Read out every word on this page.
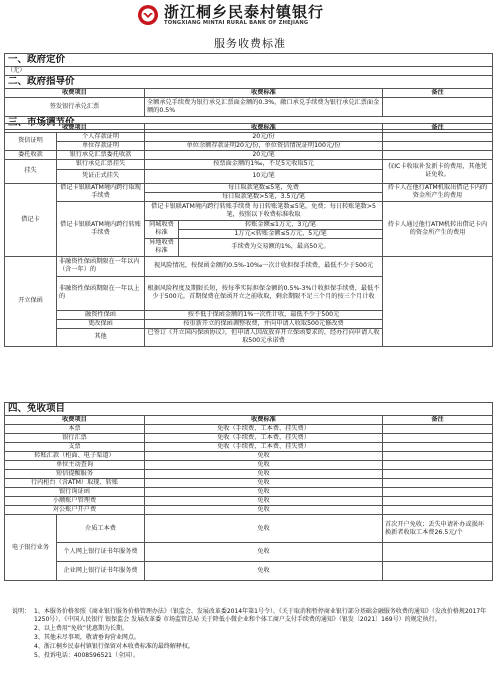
浙江桐乡民泰村镇银行
TONGXIANG MINTAI RURAL BANK OF ZHEJIANG
服务收费标准
一、政府定价		
（无）		
二、政府指导价		
收费项目	收费标准	备注
签发银行承兑汇票	全额承兑手续费为银行承兑汇票面金额的0.3%，敞口承兑手续费为银行承兑汇票面金额的0.5%	
三、市场调节价		
收费项目		收费标准		备注
资信证明	个人存款证明	20元/份		
	单位存款证明	单位余额存款证明20元/份，单位资信情况证明100元/份		
委托收款	银行承兑汇票委托收款	20元/笔		
挂失	银行承兑汇票挂失	按票面金额的1‰，不足5元收取5元		仅IC卡收取补发新卡的费用，其他凭证免收。
	凭证正式挂失	10元/笔		
借记卡	借记卡银联ATM境内跨行取现手续费	每日取款笔数≤5笔，免费		持卡人在他行ATM机取出借记卡内的资金所产生的费用
		每日取款笔数>5笔，3.5元/笔		
	借记卡银联ATM境内跨行转账手续费	借记卡银联ATM境内跨行转账手续费 每日转账笔数≤5笔，免费；每日转账笔数>5笔，按照以下收费标准收取		持卡人通过他行ATM机转出借记卡内的资金所产生的费用
		同城收费标准	转账金额≤1万元，3元/笔	
			1万元<转账金额≤5万元，5元/笔	
		异地收费标准	手续费为交易额的1%，最高50元。	

开立保函	非融资性保函期限在一年以内（含一年）的	视风险情况，按保函金额的0.5%-10‰一次计收担保手续费，最低不少于500元		
	非融资性保函期限在一年以上的	根据风险程度及期限长短，按每季实际担保金额的0.5%-3%计收担保手续费，最低不少于500元。首期保费在保函开立之前收取，剩余期限不足三个月的按三个月计收		
	融资性保函	按不低于保函金额的1%一次性计收，最低不少于500元		
	更改保函	按重新开立的保函调整收费，并向申请人收取500元修改费		
	其他	已签订《开立国内保函协议》，但申请人因故放弃开立保函要求的，经办行向申请人收取500元承诺费		
四、免收项目			
收费项目		收费标准	备注
本票		免收（手续费、工本费、挂失费）	
银行汇票		免收（手续费、工本费、挂失费）	
支票		免收（手续费、工本费、挂失费）	
转账汇款（柜面、电子渠道）		免收	
单位主动查询		免收	
短信提醒服务		免收	
行内柜台（含ATM）取现、转账		免收	
银行询证函		免收	
小额账户管理费		免收	
对公账户开户费		免收	
电子银行业务	介质工本费	免收	首次开户免收；丢失申请补办或损坏换新者收取工本费26.5元/个
	个人网上银行证书年服务费	免收	
	企业网上银行证书年服务费	免收	
说明： 1、本服务价格参照《商业银行服务价格管理办法》（银监会、发展改革委2014年第1号令）、《关于取消和暂停商业银行部分基础金融服务收费的通知》（发改价格规2017年1250号）、《中国人民银行 银保监会 发展改革委 市场监管总局 关于降低小微企业和个体工商户支付手续费的通知》（银发〔2021〕169号）的规定执行。
2、以上费用“免收”优惠期为长期。
3、其他未尽事项，敬请垂询营业网点。
4、浙江桐乡民泰村镇银行保留对本收费标准的最终解释权。
5、投诉电话：4008596521（全国）。
